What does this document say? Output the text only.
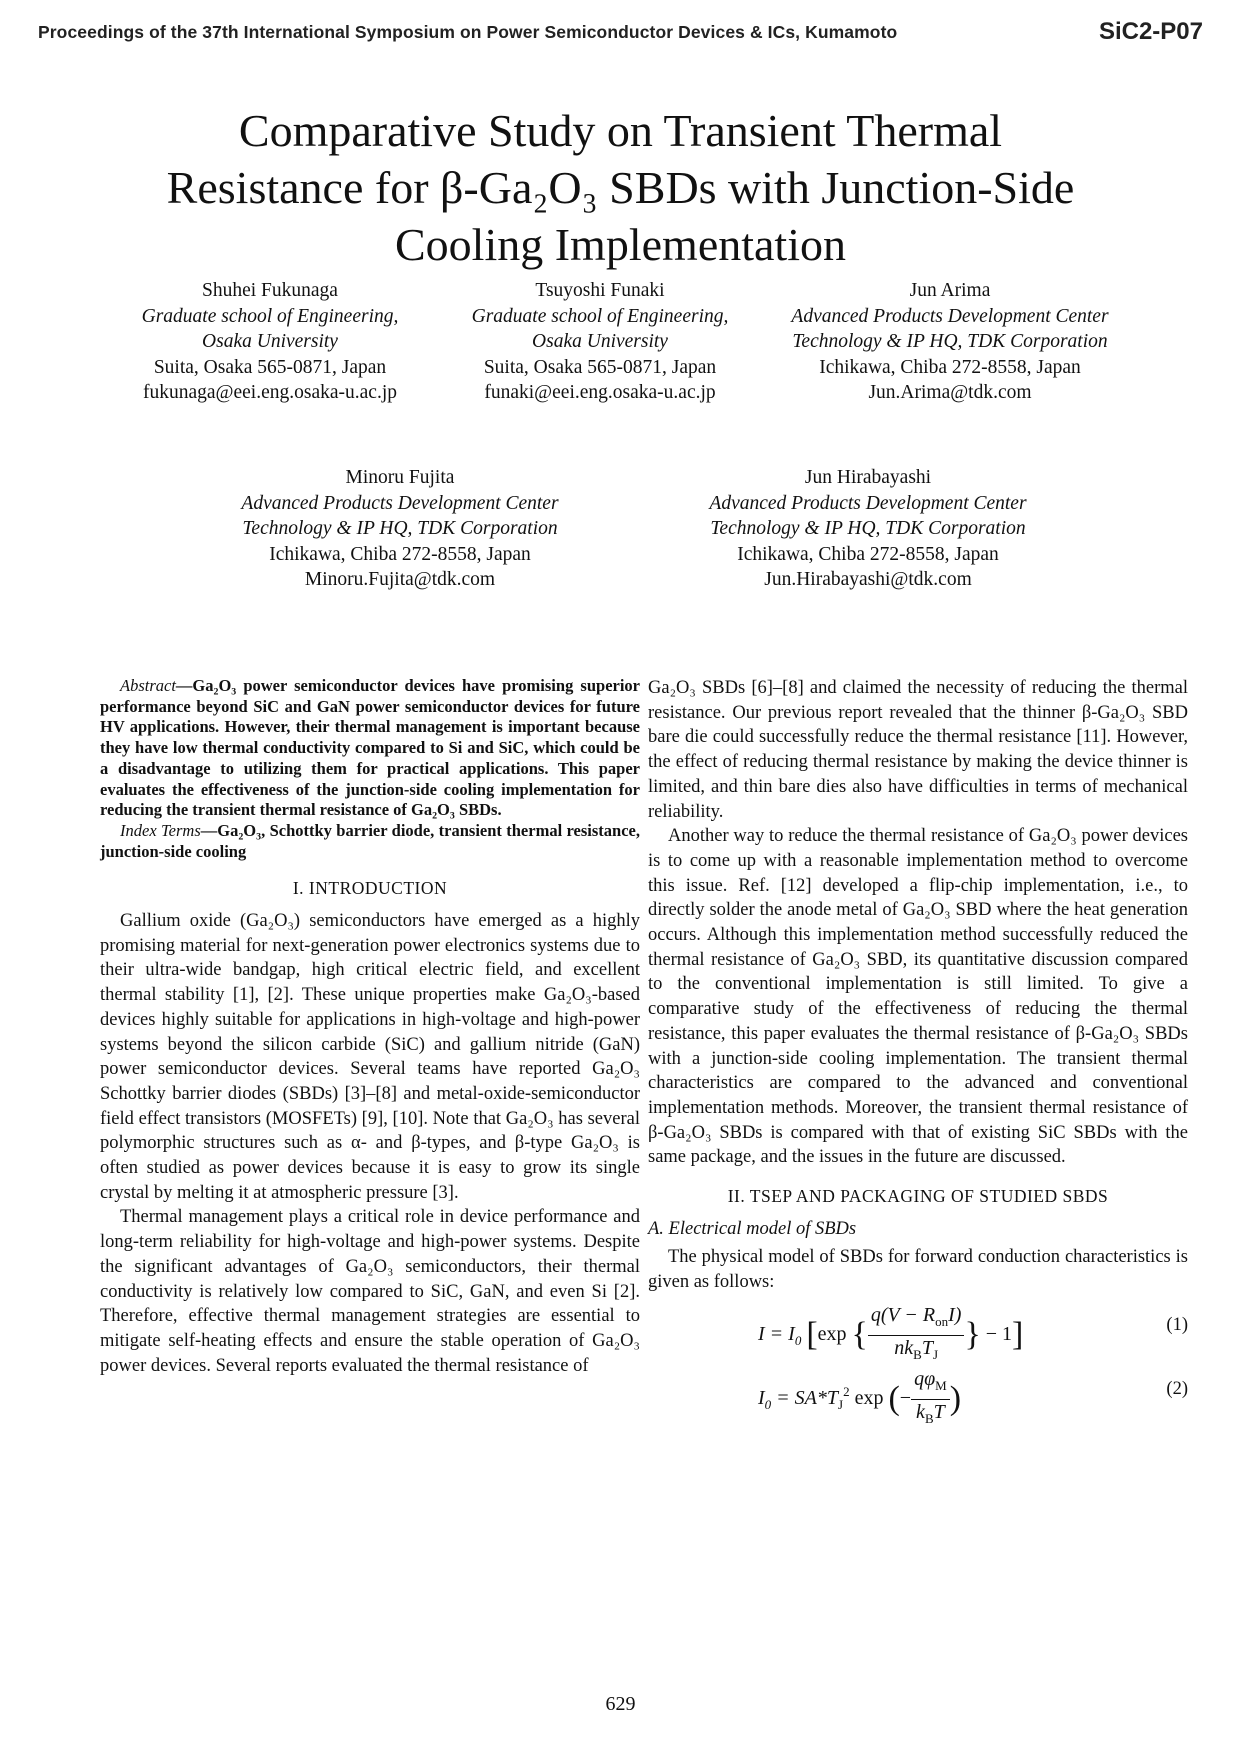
Proceedings of the 37th International Symposium on Power Semiconductor Devices & ICs, Kumamoto	SiC2-P07
Comparative Study on Transient Thermal
Resistance for β-Ga₂O₃ SBDs with Junction-Side
Cooling Implementation
Shuhei Fukunaga
Graduate school of Engineering,
Osaka University
Suita, Osaka 565-0871, Japan
fukunaga@eei.eng.osaka-u.ac.jp
Tsuyoshi Funaki
Graduate school of Engineering,
Osaka University
Suita, Osaka 565-0871, Japan
funaki@eei.eng.osaka-u.ac.jp
Jun Arima
Advanced Products Development Center
Technology & IP HQ, TDK Corporation
Ichikawa, Chiba 272-8558, Japan
Jun.Arima@tdk.com
Minoru Fujita
Advanced Products Development Center
Technology & IP HQ, TDK Corporation
Ichikawa, Chiba 272-8558, Japan
Minoru.Fujita@tdk.com
Jun Hirabayashi
Advanced Products Development Center
Technology & IP HQ, TDK Corporation
Ichikawa, Chiba 272-8558, Japan
Jun.Hirabayashi@tdk.com

Abstract—Ga₂O₃ power semiconductor devices have promising superior performance beyond SiC and GaN power semiconductor devices for future HV applications. However, their thermal management is important because they have low thermal conductivity compared to Si and SiC, which could be a disadvantage to utilizing them for practical applications. This paper evaluates the effectiveness of the junction-side cooling implementation for reducing the transient thermal resistance of Ga₂O₃ SBDs.

Index Terms—Ga₂O₃, Schottky barrier diode, transient thermal resistance, junction-side cooling

I. INTRODUCTION

Gallium oxide (Ga₂O₃) semiconductors have emerged as a highly promising material for next-generation power electronics systems due to their ultra-wide bandgap, high critical electric field, and excellent thermal stability [1], [2]. These unique properties make Ga₂O₃-based devices highly suitable for applications in high-voltage and high-power systems beyond the silicon carbide (SiC) and gallium nitride (GaN) power semiconductor devices. Several teams have reported Ga₂O₃ Schottky barrier diodes (SBDs) [3]–[8] and metal-oxide-semiconductor field effect transistors (MOSFETs) [9], [10]. Note that Ga₂O₃ has several polymorphic structures such as α- and β-types, and β-type Ga₂O₃ is often studied as power devices because it is easy to grow its single crystal by melting it at atmospheric pressure [3].

Thermal management plays a critical role in device performance and long-term reliability for high-voltage and high-power systems. Despite the significant advantages of Ga₂O₃ semiconductors, their thermal conductivity is relatively low compared to SiC, GaN, and even Si [2]. Therefore, effective thermal management strategies are essential to mitigate self-heating effects and ensure the stable operation of Ga₂O₃ power devices. Several reports evaluated the thermal resistance of

Ga₂O₃ SBDs [6]–[8] and claimed the necessity of reducing the thermal resistance. Our previous report revealed that the thinner β-Ga₂O₃ SBD bare die could successfully reduce the thermal resistance [11]. However, the effect of reducing thermal resistance by making the device thinner is limited, and thin bare dies also have difficulties in terms of mechanical reliability.

Another way to reduce the thermal resistance of Ga₂O₃ power devices is to come up with a reasonable implementation method to overcome this issue. Ref. [12] developed a flip-chip implementation, i.e., to directly solder the anode metal of Ga₂O₃ SBD where the heat generation occurs. Although this implementation method successfully reduced the thermal resistance of Ga₂O₃ SBD, its quantitative discussion compared to the conventional implementation is still limited. To give a comparative study of the effectiveness of reducing the thermal resistance, this paper evaluates the thermal resistance of β-Ga₂O₃ SBDs with a junction-side cooling implementation. The transient thermal characteristics are compared to the advanced and conventional implementation methods. Moreover, the transient thermal resistance of β-Ga₂O₃ SBDs is compared with that of existing SiC SBDs with the same package, and the issues in the future are discussed.

II. TSEP AND PACKAGING OF STUDIED SBDS
A. Electrical model of SBDs

The physical model of SBDs for forward conduction characteristics is given as follows:

$I = I_0$ [exp { $\frac{q(V - R_{on}I)}{nk_BT_J}$ } − 1]	(1)
$I_0 = SA*T_J^2$ exp (− $\frac{q\varphi_M}{k_BT}$ )	(2)
629
